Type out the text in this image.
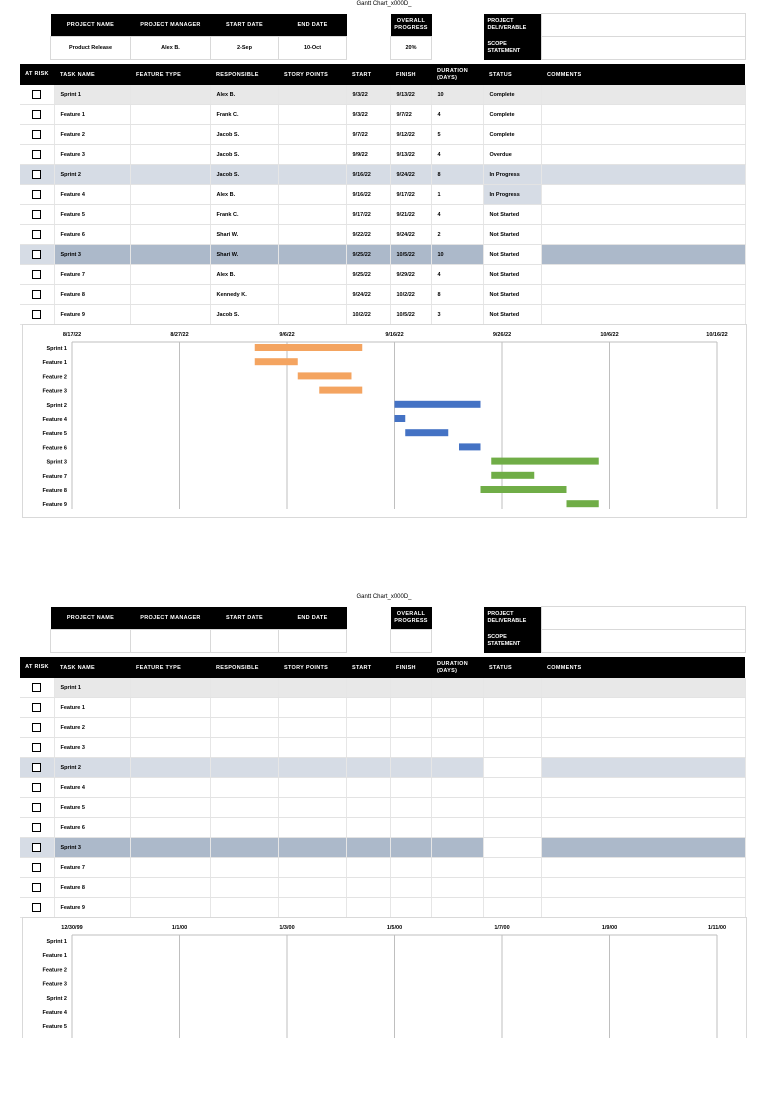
Gantt Chart_x000D_
PROJECT NAME	PROJECT MANAGER	START DATE	END DATE		OVERALL PROGRESS		PROJECT DELIVERABLE	
Product Release	Alex B.	2-Sep	10-Oct		20%		SCOPE STATEMENT	
AT RISK	TASK NAME	FEATURE TYPE	RESPONSIBLE	STORY POINTS	START	FINISH	DURATION (DAYS)	STATUS	COMMENTS
	Sprint 1		Alex B.		9/3/22	9/13/22	10	Complete	
	Feature 1		Frank C.		9/3/22	9/7/22	4	Complete	
	Feature 2		Jacob S.		9/7/22	9/12/22	5	Complete	
	Feature 3		Jacob S.		9/9/22	9/13/22	4	Overdue	
	Sprint 2		Jacob S.		9/16/22	9/24/22	8	In Progress	
	Feature 4		Alex B.		9/16/22	9/17/22	1	In Progress	
	Feature 5		Frank C.		9/17/22	9/21/22	4	Not Started	
	Feature 6		Shari W.		9/22/22	9/24/22	2	Not Started	
	Sprint 3		Shari W.		9/25/22	10/5/22	10	Not Started	
	Feature 7		Alex B.		9/25/22	9/29/22	4	Not Started	
	Feature 8		Kennedy K.		9/24/22	10/2/22	8	Not Started	
	Feature 9		Jacob S.		10/2/22	10/5/22	3	Not Started	
8/17/22	8/27/22	9/6/22	9/16/22	9/26/22	10/6/22	10/16/22
Sprint 1
Feature 1
Feature 2
Feature 3
Sprint 2
Feature 4
Feature 5
Feature 6
Sprint 3
Feature 7
Feature 8
Feature 9
Gantt Chart_x000D_
PROJECT NAME	PROJECT MANAGER	START DATE	END DATE		OVERALL PROGRESS		PROJECT DELIVERABLE	
							SCOPE STATEMENT	
AT RISK	TASK NAME	FEATURE TYPE	RESPONSIBLE	STORY POINTS	START	FINISH	DURATION (DAYS)	STATUS	COMMENTS
	Sprint 1								
	Feature 1								
	Feature 2								
	Feature 3								
	Sprint 2								
	Feature 4								
	Feature 5								
	Feature 6								
	Sprint 3								
	Feature 7								
	Feature 8								
	Feature 9								
12/30/99	1/1/00	1/3/00	1/5/00	1/7/00	1/9/00	1/11/00
Sprint 1
Feature 1
Feature 2
Feature 3
Sprint 2
Feature 4
Feature 5
